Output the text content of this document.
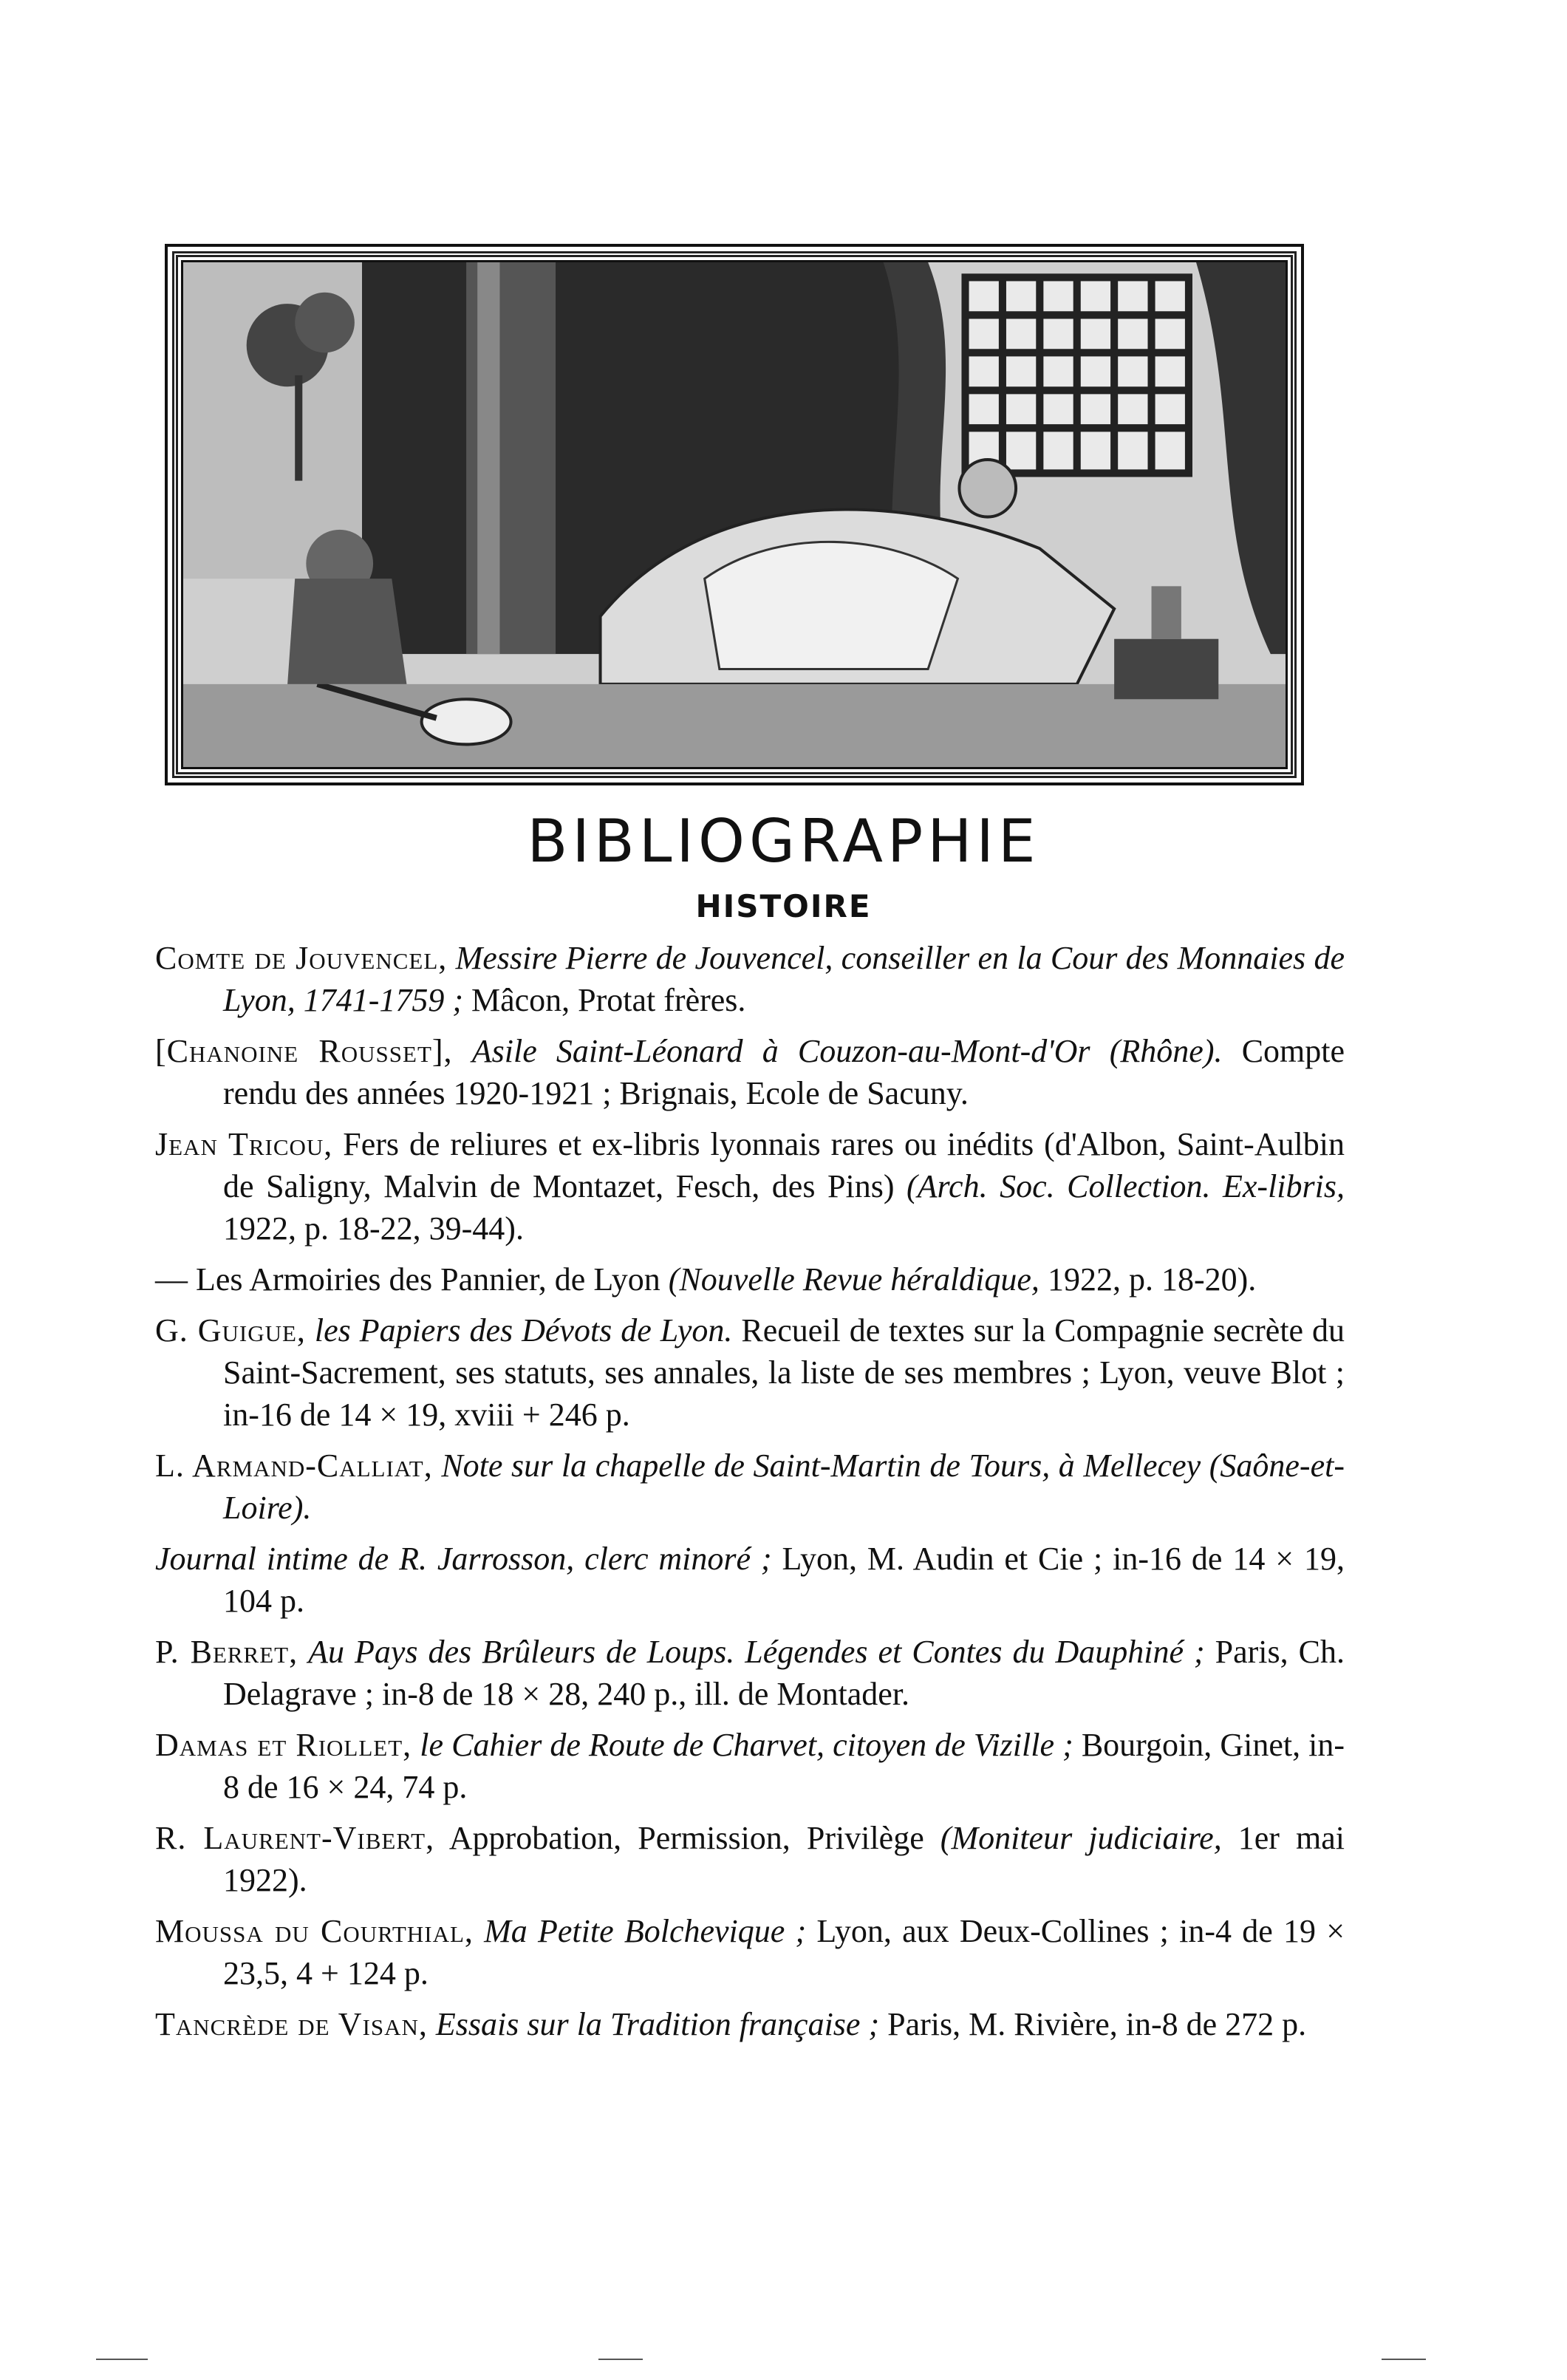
BIBLIOGRAPHIE
HISTOIRE

Comte de Jouvencel, Messire Pierre de Jouvencel, conseiller en la Cour des Monnaies de Lyon, 1741-1759 ; Mâcon, Protat frères.

[Chanoine Rousset], Asile Saint-Léonard à Couzon-au-Mont-d'Or (Rhône). Compte rendu des années 1920-1921 ; Brignais, Ecole de Sacuny.

Jean Tricou, Fers de reliures et ex-libris lyonnais rares ou inédits (d'Albon, Saint-Aulbin de Saligny, Malvin de Montazet, Fesch, des Pins) (Arch. Soc. Collection. Ex-libris, 1922, p. 18-22, 39-44).

— Les Armoiries des Pannier, de Lyon (Nouvelle Revue héraldique, 1922, p. 18-20).

G. Guigue, les Papiers des Dévots de Lyon. Recueil de textes sur la Compagnie secrète du Saint-Sacrement, ses statuts, ses annales, la liste de ses membres ; Lyon, veuve Blot ; in-16 de 14 × 19, xviii + 246 p.

L. Armand-Calliat, Note sur la chapelle de Saint-Martin de Tours, à Mellecey (Saône-et-Loire).

Journal intime de R. Jarrosson, clerc minoré ; Lyon, M. Audin et Cie ; in-16 de 14 × 19, 104 p.

P. Berret, Au Pays des Brûleurs de Loups. Légendes et Contes du Dauphiné ; Paris, Ch. Delagrave ; in-8 de 18 × 28, 240 p., ill. de Montader.

Damas et Riollet, le Cahier de Route de Charvet, citoyen de Vizille ; Bourgoin, Ginet, in-8 de 16 × 24, 74 p.

R. Laurent-Vibert, Approbation, Permission, Privilège (Moniteur judiciaire, 1er mai 1922).

Moussa du Courthial, Ma Petite Bolchevique ; Lyon, aux Deux-Collines ; in-4 de 19 × 23,5, 4 + 124 p.

Tancrède de Visan, Essais sur la Tradition française ; Paris, M. Rivière, in-8 de 272 p.
